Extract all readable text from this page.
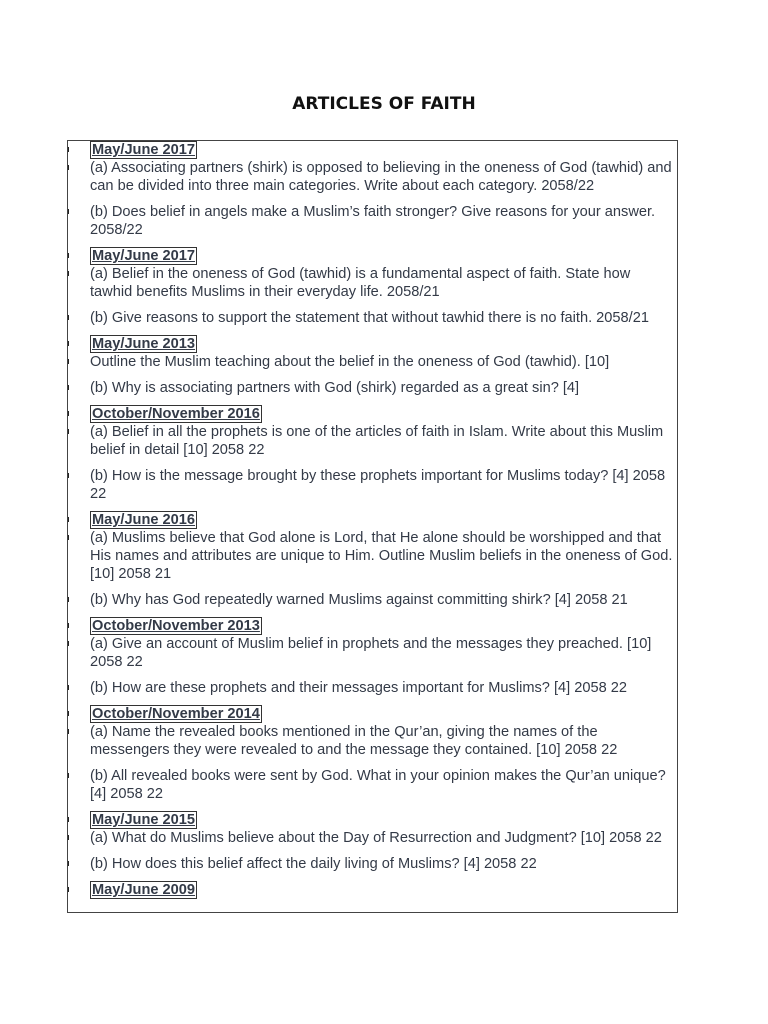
ARTICLES OF FAITH
May/June 2017
(a) Associating partners (shirk) is opposed to believing in the oneness of God (tawhid) and can be divided into three main categories. Write about each category. 2058/22
(b) Does belief in angels make a Muslim’s faith stronger? Give reasons for your answer. 2058/22
May/June 2017
(a) Belief in the oneness of God (tawhid) is a fundamental aspect of faith. State how tawhid benefits Muslims in their everyday life. 2058/21
(b) Give reasons to support the statement that without tawhid there is no faith. 2058/21
May/June 2013
Outline the Muslim teaching about the belief in the oneness of God (tawhid). [10]
(b) Why is associating partners with God (shirk) regarded as a great sin? [4]
October/November 2016
(a) Belief in all the prophets is one of the articles of faith in Islam. Write about this Muslim belief in detail [10] 2058 22
(b) How is the message brought by these prophets important for Muslims today? [4] 2058 22
May/June 2016
(a) Muslims believe that God alone is Lord, that He alone should be worshipped and that His names and attributes are unique to Him. Outline Muslim beliefs in the oneness of God. [10] 2058 21
(b) Why has God repeatedly warned Muslims against committing shirk? [4] 2058 21
October/November 2013
(a) Give an account of Muslim belief in prophets and the messages they preached. [10] 2058 22
(b) How are these prophets and their messages important for Muslims? [4] 2058 22
October/November 2014
(a) Name the revealed books mentioned in the Qur’an, giving the names of the messengers they were revealed to and the message they contained. [10] 2058 22
(b) All revealed books were sent by God. What in your opinion makes the Qur’an unique?[4] 2058 22
May/June 2015
(a) What do Muslims believe about the Day of Resurrection and Judgment? [10] 2058 22
(b) How does this belief affect the daily living of Muslims? [4] 2058 22
May/June 2009
